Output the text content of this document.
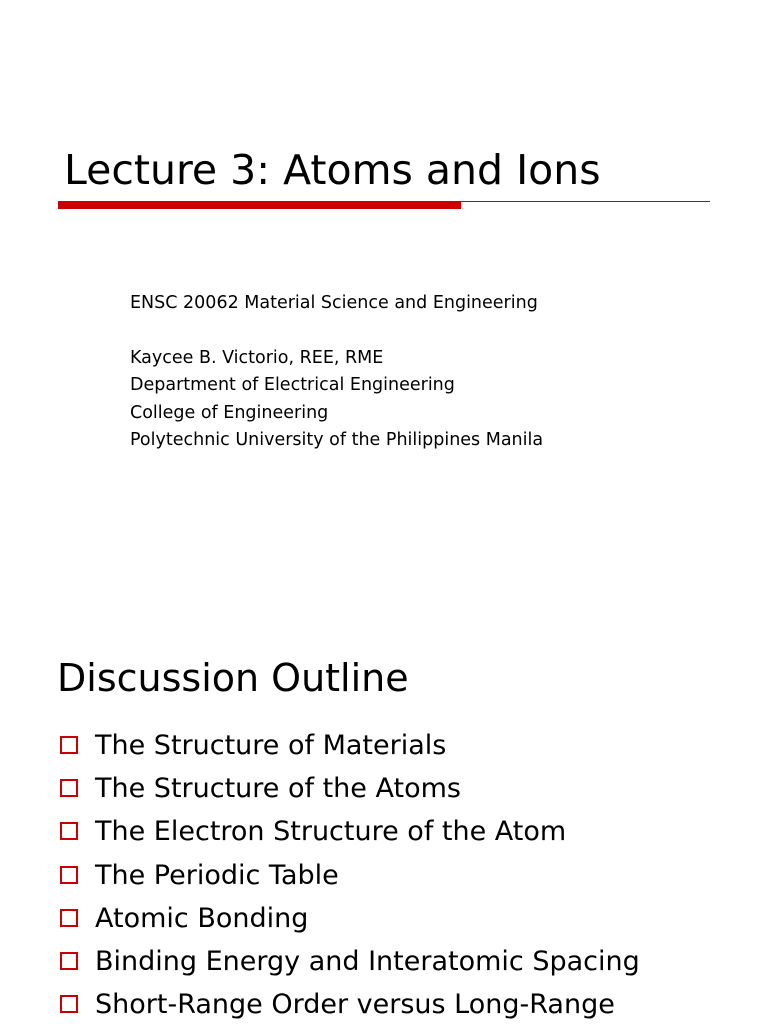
Lecture 3: Atoms and Ions
ENSC 20062 Material Science and Engineering
Kaycee B. Victorio, REE, RME
Department of Electrical Engineering
College of Engineering
Polytechnic University of the Philippines Manila
Discussion Outline
The Structure of Materials
The Structure of the Atoms
The Electron Structure of the Atom
The Periodic Table
Atomic Bonding
Binding Energy and Interatomic Spacing
Short-Range Order versus Long-Range
